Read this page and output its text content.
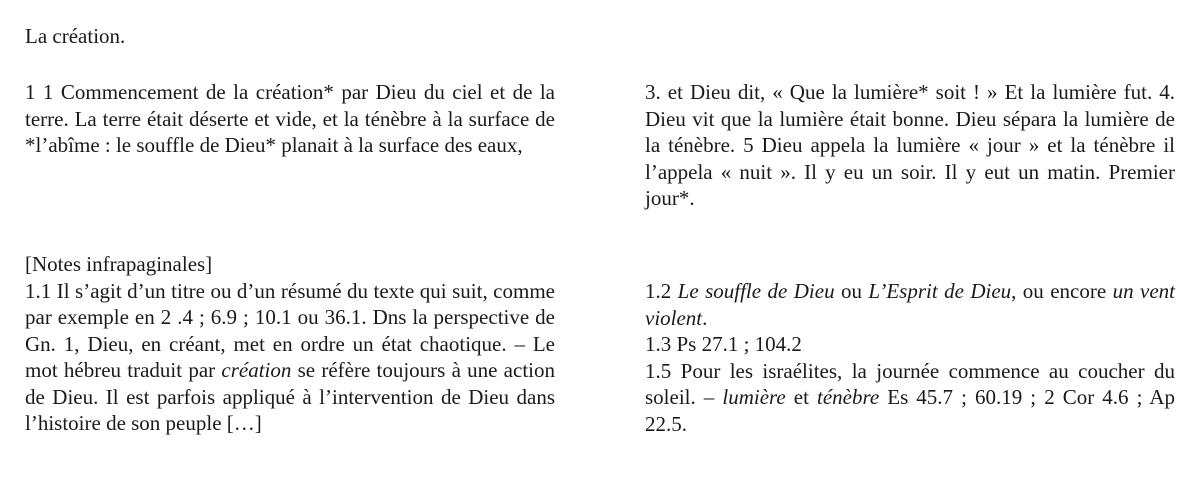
La création.

1 1 Commencement de la création* par Dieu du ciel et de la terre. La terre était déserte et vide, et la ténèbre à la surface de *l’abîme : le souffle de Dieu* planait à la surface des eaux,

3. et Dieu dit, « Que la lumière* soit ! » Et la lumière fut. 4. Dieu vit que la lumière était bonne. Dieu sépara la lumière de la ténèbre. 5 Dieu appela la lumière « jour » et la ténèbre il l’appela « nuit ». Il y eu un soir. Il y eut un matin. Premier jour*.

[Notes infrapaginales]

1.1 Il s’agit d’un titre ou d’un résumé du texte qui suit, comme par exemple en 2 .4 ; 6.9 ; 10.1 ou 36.1. Dns la perspective de Gn. 1, Dieu, en créant, met en ordre un état chaotique. – Le mot hébreu traduit par création se réfère toujours à une action de Dieu. Il est parfois appliqué à l’intervention de Dieu dans l’histoire de son peuple […]

1.2 Le souffle de Dieu ou L’Esprit de Dieu, ou encore un vent violent.

1.3 Ps 27.1 ; 104.2

1.5 Pour les israélites, la journée commence au coucher du soleil. – lumière et ténèbre Es 45.7 ; 60.19 ; 2 Cor 4.6 ; Ap 22.5.
